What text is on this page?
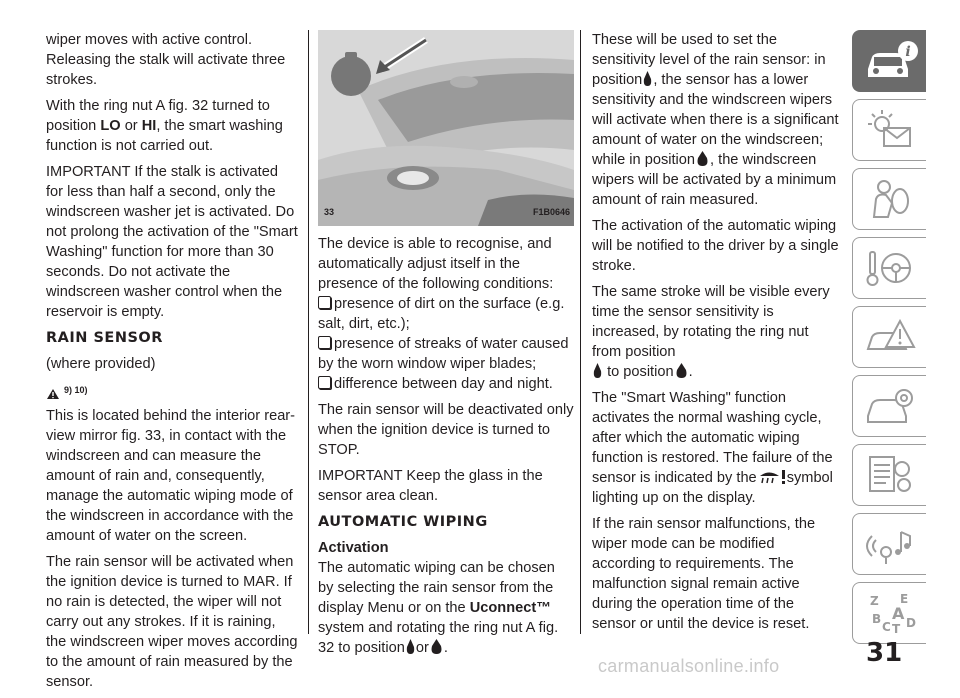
wiper moves with active control. Releasing the stalk will activate three strokes.

With the ring nut A fig. 32 turned to position LO or HI, the smart washing function is not carried out.

IMPORTANT If the stalk is activated for less than half a second, only the windscreen washer jet is activated. Do not prolong the activation of the "Smart Washing" function for more than 30 seconds. Do not activate the windscreen washer control when the reservoir is empty.

RAIN SENSOR

(where provided)

9) 10)

This is located behind the interior rear-view mirror fig. 33, in contact with the windscreen and can measure the amount of rain and, consequently, manage the automatic wiping mode of the windscreen in accordance with the amount of water on the screen.

The rain sensor will be activated when the ignition device is turned to MAR. If no rain is detected, the wiper will not carry out any strokes. If it is raining, the windscreen wiper moves according to the amount of rain measured by the sensor.

33	F1B0646

The device is able to recognise, and automatically adjust itself in the presence of the following conditions:

presence of dirt on the surface (e.g. salt, dirt, etc.);
presence of streaks of water caused by the worn window wiper blades;
difference between day and night.

The rain sensor will be deactivated only when the ignition device is turned to STOP.

IMPORTANT Keep the glass in the sensor area clean.

AUTOMATIC WIPING
Activation

The automatic wiping can be chosen by selecting the rain sensor from the display Menu or on the Uconnect™ system and rotating the ring nut A fig. 32 to position or .

These will be used to set the sensitivity level of the rain sensor: in position , the sensor has a lower sensitivity and the windscreen wipers will activate when there is a significant amount of water on the windscreen; while in position , the windscreen wipers will be activated by a minimum amount of rain measured.

The activation of the automatic wiping will be notified to the driver by a single stroke.

The same stroke will be visible every time the sensor sensitivity is increased, by rotating the ring nut from position
to position .

The "Smart Washing" function activates the normal washing cycle, after which the automatic wiping function is restored. The failure of the sensor is indicated by the symbol lighting up on the display.

If the rain sensor malfunctions, the wiper mode can be modified according to requirements. The malfunction signal remain active during the operation time of the sensor or until the device is reset.

i
Z E
B A D
C T
31
carmanualsonline.info
